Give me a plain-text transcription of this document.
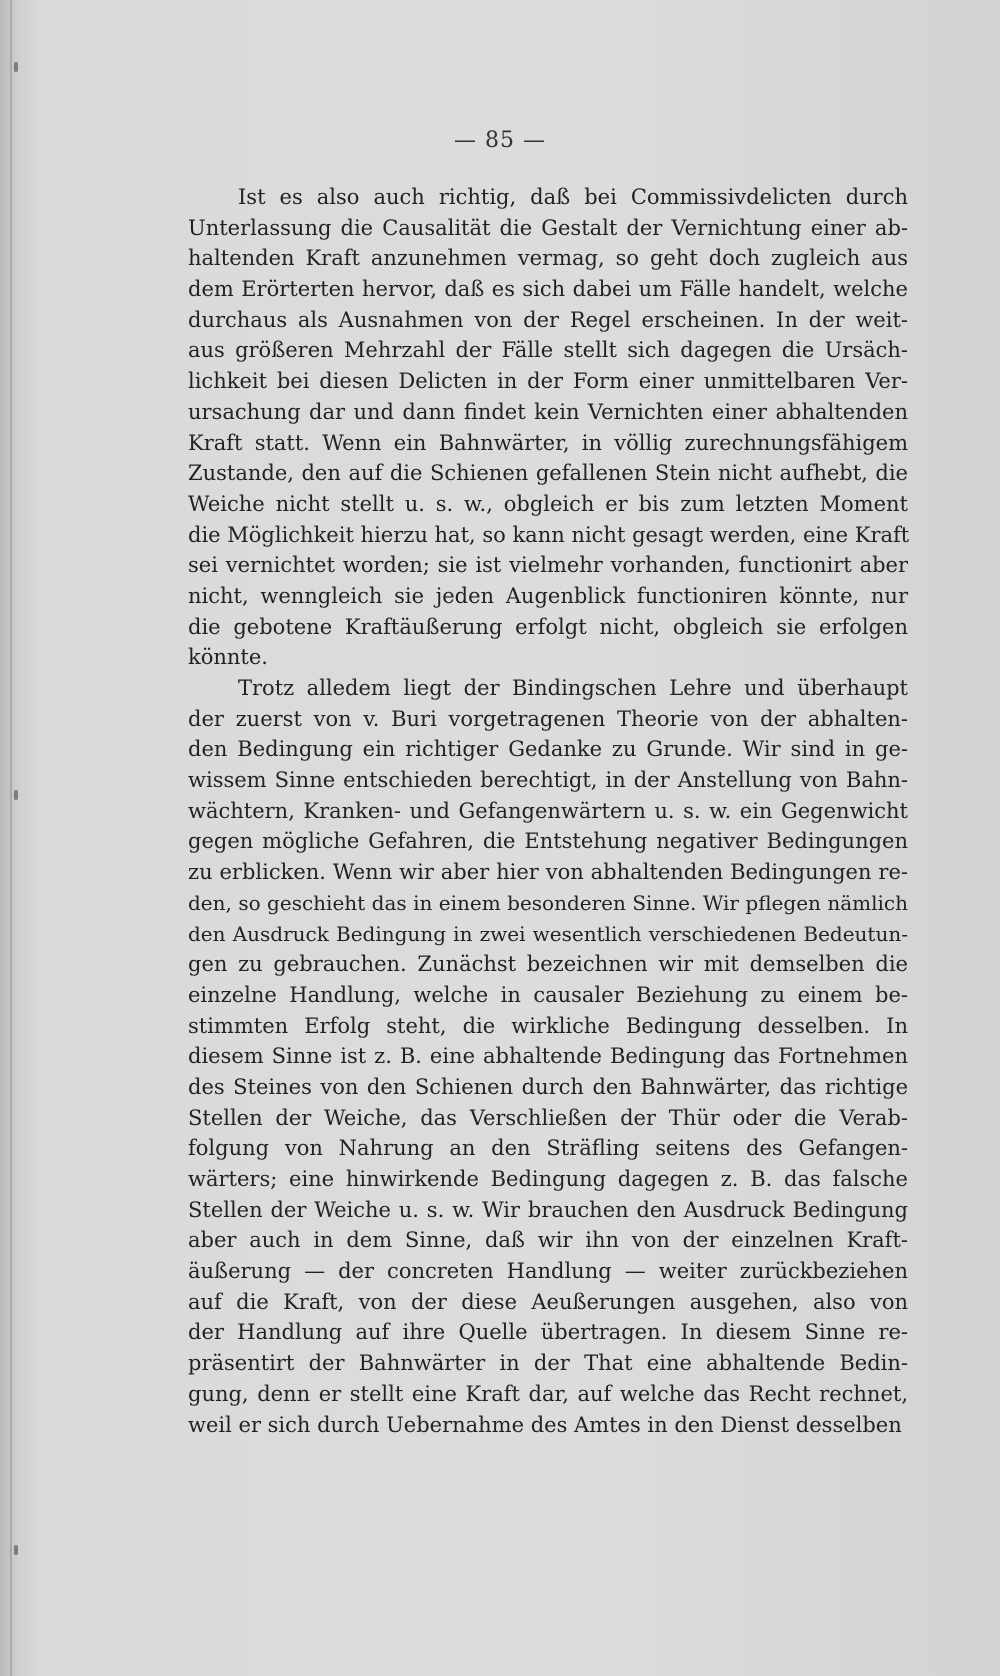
— 85 —
Ist es also auch richtig, daß bei Commissivdelicten durch
Unterlassung die Causalität die Gestalt der Vernichtung einer ab-
haltenden Kraft anzunehmen vermag, so geht doch zugleich aus
dem Erörterten hervor, daß es sich dabei um Fälle handelt, welche
durchaus als Ausnahmen von der Regel erscheinen. In der weit-
aus größeren Mehrzahl der Fälle stellt sich dagegen die Ursäch-
lichkeit bei diesen Delicten in der Form einer unmittelbaren Ver-
ursachung dar und dann findet kein Vernichten einer abhaltenden
Kraft statt. Wenn ein Bahnwärter, in völlig zurechnungsfähigem
Zustande, den auf die Schienen gefallenen Stein nicht aufhebt, die
Weiche nicht stellt u. s. w., obgleich er bis zum letzten Moment
die Möglichkeit hierzu hat, so kann nicht gesagt werden, eine Kraft
sei vernichtet worden; sie ist vielmehr vorhanden, functionirt aber
nicht, wenngleich sie jeden Augenblick functioniren könnte, nur
die gebotene Kraftäußerung erfolgt nicht, obgleich sie erfolgen
könnte.
Trotz alledem liegt der Bindingschen Lehre und überhaupt
der zuerst von v. Buri vorgetragenen Theorie von der abhalten-
den Bedingung ein richtiger Gedanke zu Grunde. Wir sind in ge-
wissem Sinne entschieden berechtigt, in der Anstellung von Bahn-
wächtern, Kranken- und Gefangenwärtern u. s. w. ein Gegenwicht
gegen mögliche Gefahren, die Entstehung negativer Bedingungen
zu erblicken. Wenn wir aber hier von abhaltenden Bedingungen re-
den, so geschieht das in einem besonderen Sinne. Wir pflegen nämlich
den Ausdruck Bedingung in zwei wesentlich verschiedenen Bedeutun-
gen zu gebrauchen. Zunächst bezeichnen wir mit demselben die
einzelne Handlung, welche in causaler Beziehung zu einem be-
stimmten Erfolg steht, die wirkliche Bedingung desselben. In
diesem Sinne ist z. B. eine abhaltende Bedingung das Fortnehmen
des Steines von den Schienen durch den Bahnwärter, das richtige
Stellen der Weiche, das Verschließen der Thür oder die Verab-
folgung von Nahrung an den Sträfling seitens des Gefangen-
wärters; eine hinwirkende Bedingung dagegen z. B. das falsche
Stellen der Weiche u. s. w. Wir brauchen den Ausdruck Bedingung
aber auch in dem Sinne, daß wir ihn von der einzelnen Kraft-
äußerung — der concreten Handlung — weiter zurückbeziehen
auf die Kraft, von der diese Aeußerungen ausgehen, also von
der Handlung auf ihre Quelle übertragen. In diesem Sinne re-
präsentirt der Bahnwärter in der That eine abhaltende Bedin-
gung, denn er stellt eine Kraft dar, auf welche das Recht rechnet,
weil er sich durch Uebernahme des Amtes in den Dienst desselben
